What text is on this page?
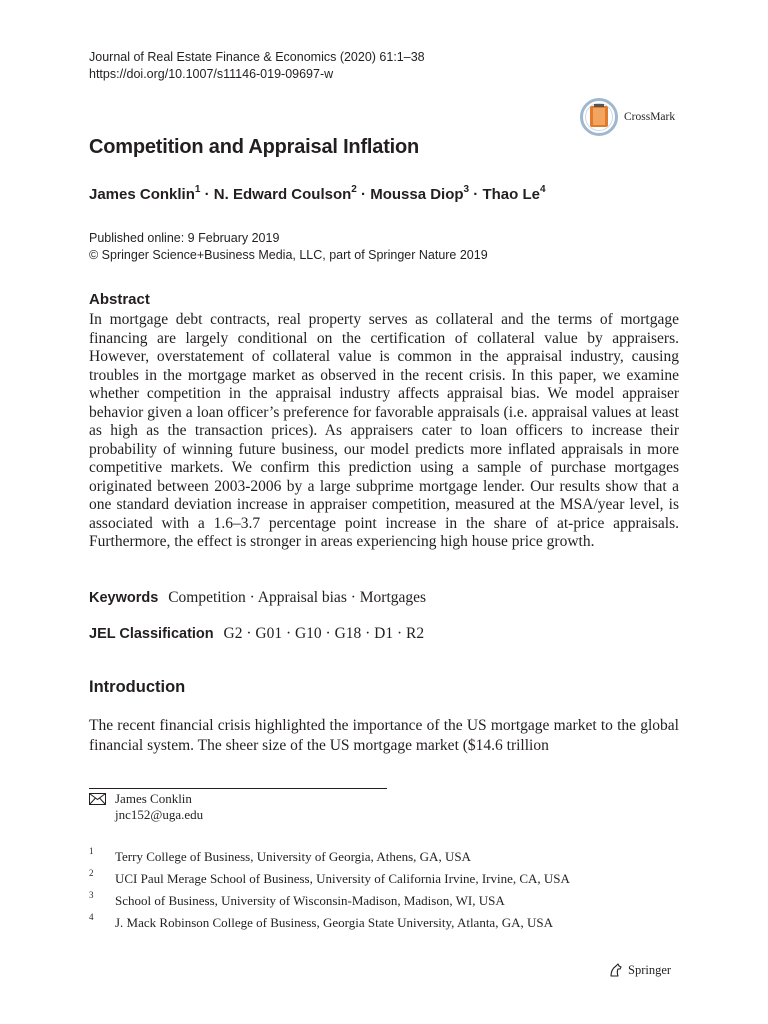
Journal of Real Estate Finance & Economics (2020) 61:1–38
https://doi.org/10.1007/s11146-019-09697-w
CrossMark
Competition and Appraisal Inflation
James Conklin$^1$ · N. Edward Coulson$^2$ · Moussa Diop$^3$ · Thao Le$^4$
Published online: 9 February 2019
© Springer Science+Business Media, LLC, part of Springer Nature 2019
Abstract

In mortgage debt contracts, real property serves as collateral and the terms of mortgage financing are largely conditional on the certification of collateral value by appraisers. However, overstatement of collateral value is common in the appraisal industry, causing troubles in the mortgage market as observed in the recent crisis. In this paper, we examine whether competition in the appraisal industry affects appraisal bias. We model appraiser behavior given a loan officer’s preference for favorable appraisals (i.e. appraisal values at least as high as the transaction prices). As appraisers cater to loan officers to increase their probability of winning future business, our model predicts more inflated appraisals in more competitive markets. We confirm this prediction using a sample of purchase mortgages originated between 2003-2006 by a large subprime mortgage lender. Our results show that a one standard deviation increase in appraiser competition, measured at the MSA/year level, is associated with a 1.6–3.7 percentage point increase in the share of at-price appraisals. Furthermore, the effect is stronger in areas experiencing high house price growth.

Keywords Competition · Appraisal bias · Mortgages
JEL Classification G2 · G01 · G10 · G18 · D1 · R2
Introduction

The recent financial crisis highlighted the importance of the US mortgage market to the global financial system. The sheer size of the US mortgage market ($14.6 trillion

James Conklin
jnc152@uga.edu
1	Terry College of Business, University of Georgia, Athens, GA, USA
2	UCI Paul Merage School of Business, University of California Irvine, Irvine, CA, USA
3	School of Business, University of Wisconsin-Madison, Madison, WI, USA
4	J. Mack Robinson College of Business, Georgia State University, Atlanta, GA, USA
Springer
